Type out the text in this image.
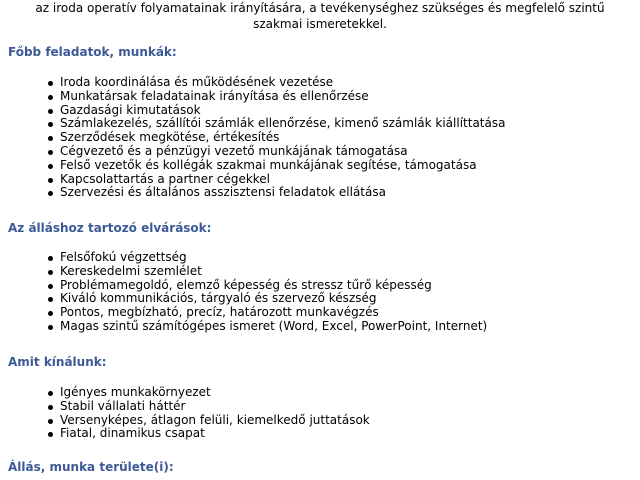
az iroda operatív folyamatainak irányítására, a tevékenységhez szükséges és megfelelő szintű
szakmai ismeretekkel.
Főbb feladatok, munkák:
Iroda koordinálása és működésének vezetése
Munkatársak feladatainak irányítása és ellenőrzése
Gazdasági kimutatások
Számlakezelés, szállítói számlák ellenőrzése, kimenő számlák kiállíttatása
Szerződések megkötése, értékesítés
Cégvezető és a pénzügyi vezető munkájának támogatása
Felső vezetők és kollégák szakmai munkájának segítése, támogatása
Kapcsolattartás a partner cégekkel
Szervezési és általános asszisztensi feladatok ellátása
Az álláshoz tartozó elvárások:
Felsőfokú végzettség
Kereskedelmi szemlélet
Problémamegoldó, elemző képesség és stressz tűrő képesség
Kiváló kommunikációs, tárgyaló és szervező készség
Pontos, megbízható, precíz, határozott munkavégzés
Magas szintű számítógépes ismeret (Word, Excel, PowerPoint, Internet)
Amit kínálunk:
Igényes munkakörnyezet
Stabil vállalati háttér
Versenyképes, átlagon felüli, kiemelkedő juttatások
Fiatal, dinamikus csapat
Állás, munka területe(i):
